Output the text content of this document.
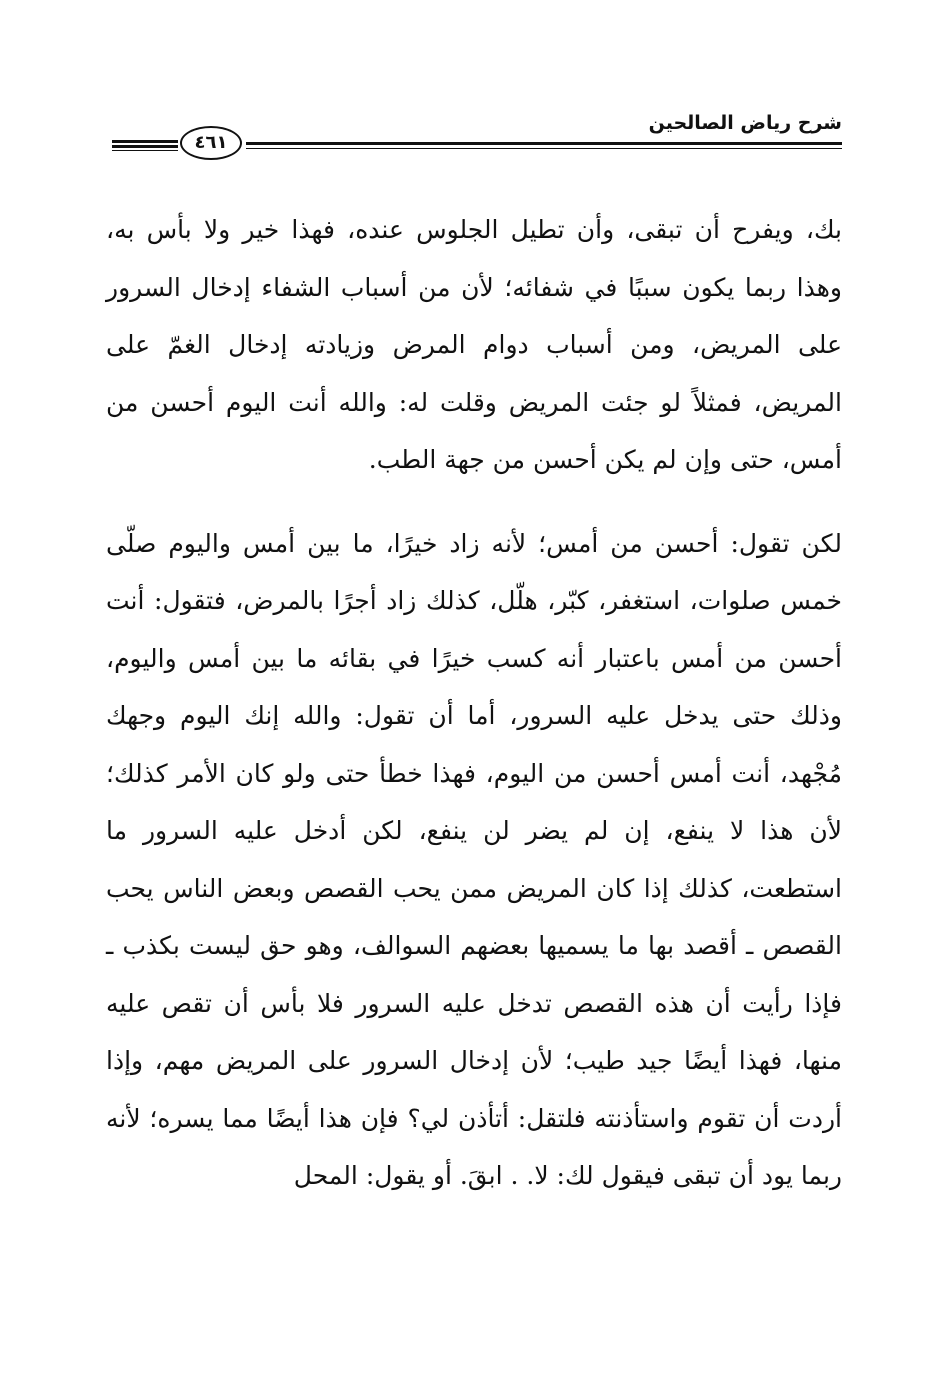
شرح رياض الصالحين
٤٦١

بك، ويفرح أن تبقى، وأن تطيل الجلوس عنده، فهذا خير ولا بأس به، وهذا ربما يكون سببًا في شفائه؛ لأن من أسباب الشفاء إدخال السرور على المريض، ومن أسباب دوام المرض وزيادته إدخال الغمّ على المريض، فمثلاً لو جئت المريض وقلت له: والله أنت اليوم أحسن من أمس، حتى وإن لم يكن أحسن من جهة الطب.

لكن تقول: أحسن من أمس؛ لأنه زاد خيرًا، ما بين أمس واليوم صلّى خمس صلوات، استغفر، كبّر، هلّل، كذلك زاد أجرًا بالمرض، فتقول: أنت أحسن من أمس باعتبار أنه كسب خيرًا في بقائه ما بين أمس واليوم، وذلك حتى يدخل عليه السرور، أما أن تقول: والله إنك اليوم وجهك مُجْهد، أنت أمس أحسن من اليوم، فهذا خطأ حتى ولو كان الأمر كذلك؛ لأن هذا لا ينفع، إن لم يضر لن ينفع، لكن أدخل عليه السرور ما استطعت، كذلك إذا كان المريض ممن يحب القصص وبعض الناس يحب القصص ـ أقصد بها ما يسميها بعضهم السوالف، وهو حق ليست بكذب ـ فإذا رأيت أن هذه القصص تدخل عليه السرور فلا بأس أن تقص عليه منها، فهذا أيضًا جيد طيب؛ لأن إدخال السرور على المريض مهم، وإذا أردت أن تقوم واستأذنته فلتقل: أتأذن لي؟ فإن هذا أيضًا مما يسره؛ لأنه ربما يود أن تبقى فيقول لك: لا. . ابقَ. أو يقول: المحل
